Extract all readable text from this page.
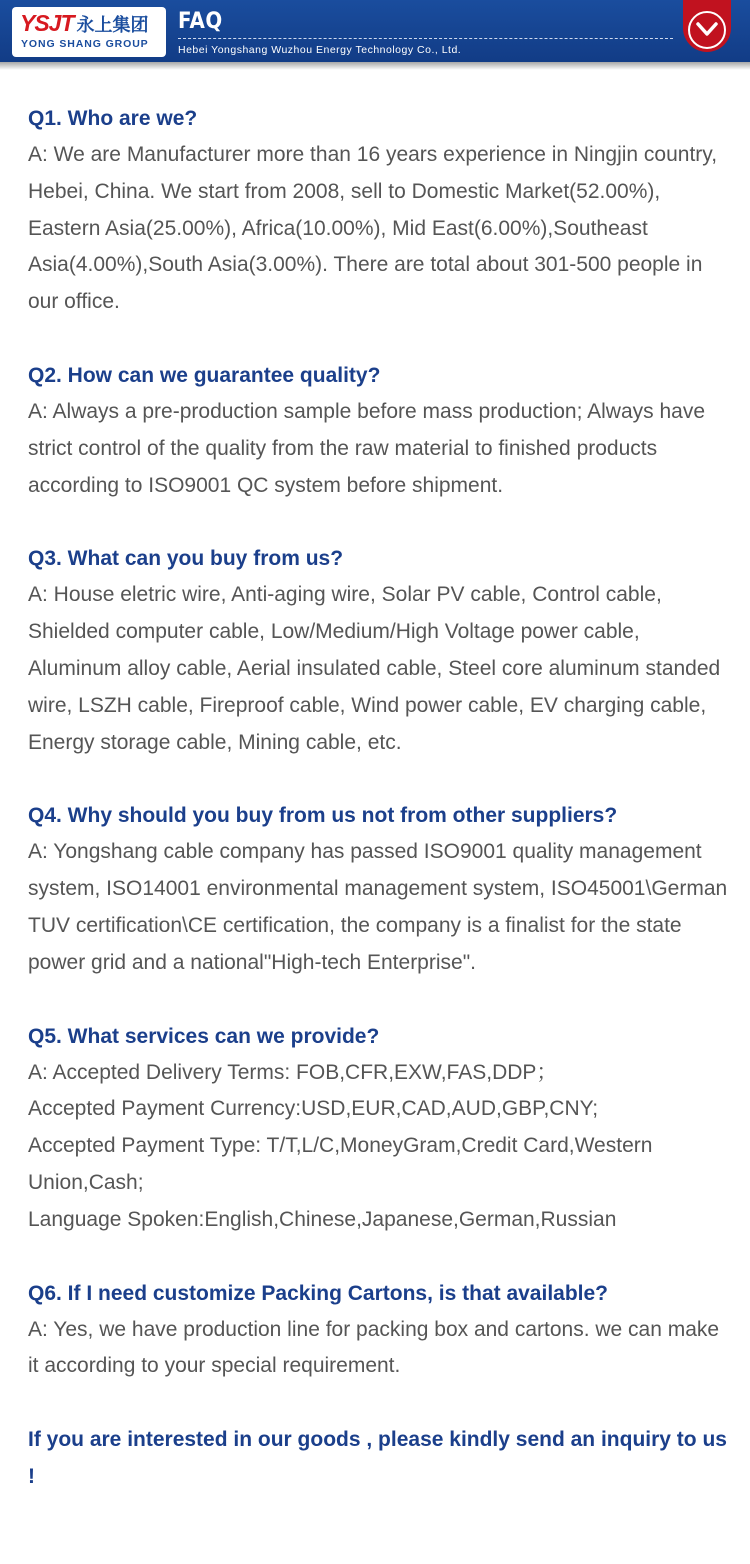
YSJT 永上集团
YONG SHANG GROUP
FAQ
Hebei Yongshang Wuzhou Energy Technology Co., Ltd.

Q1. Who are we?

A: We are Manufacturer more than 16 years experience in Ningjin country, Hebei, China. We start from 2008, sell to Domestic Market(52.00%), Eastern Asia(25.00%), Africa(10.00%), Mid East(6.00%),Southeast Asia(4.00%),South Asia(3.00%). There are total about 301-500 people in our office.

Q2. How can we guarantee quality?

A: Always a pre-production sample before mass production; Always have strict control of the quality from the raw material to finished products according to ISO9001 QC system before shipment.

Q3. What can you buy from us?

A: House eletric wire, Anti-aging wire, Solar PV cable, Control cable, Shielded computer cable, Low/Medium/High Voltage power cable, Aluminum alloy cable, Aerial insulated cable, Steel core aluminum standed wire, LSZH cable, Fireproof cable, Wind power cable, EV charging cable, Energy storage cable, Mining cable, etc.

Q4. Why should you buy from us not from other suppliers?

A: Yongshang cable company has passed ISO9001 quality management system, ISO14001 environmental management system, ISO45001\German TUV certification\CE certification, the company is a finalist for the state power grid and a national"High-tech Enterprise".

Q5. What services can we provide?

A: Accepted Delivery Terms: FOB,CFR,EXW,FAS,DDP；

Accepted Payment Currency:USD,EUR,CAD,AUD,GBP,CNY;

Accepted Payment Type: T/T,L/C,MoneyGram,Credit Card,Western Union,Cash;

Language Spoken:English,Chinese,Japanese,German,Russian

Q6. If I need customize Packing Cartons, is that available?

A: Yes, we have production line for packing box and cartons. we can make it according to your special requirement.

If you are interested in our goods , please kindly send an inquiry to us !
